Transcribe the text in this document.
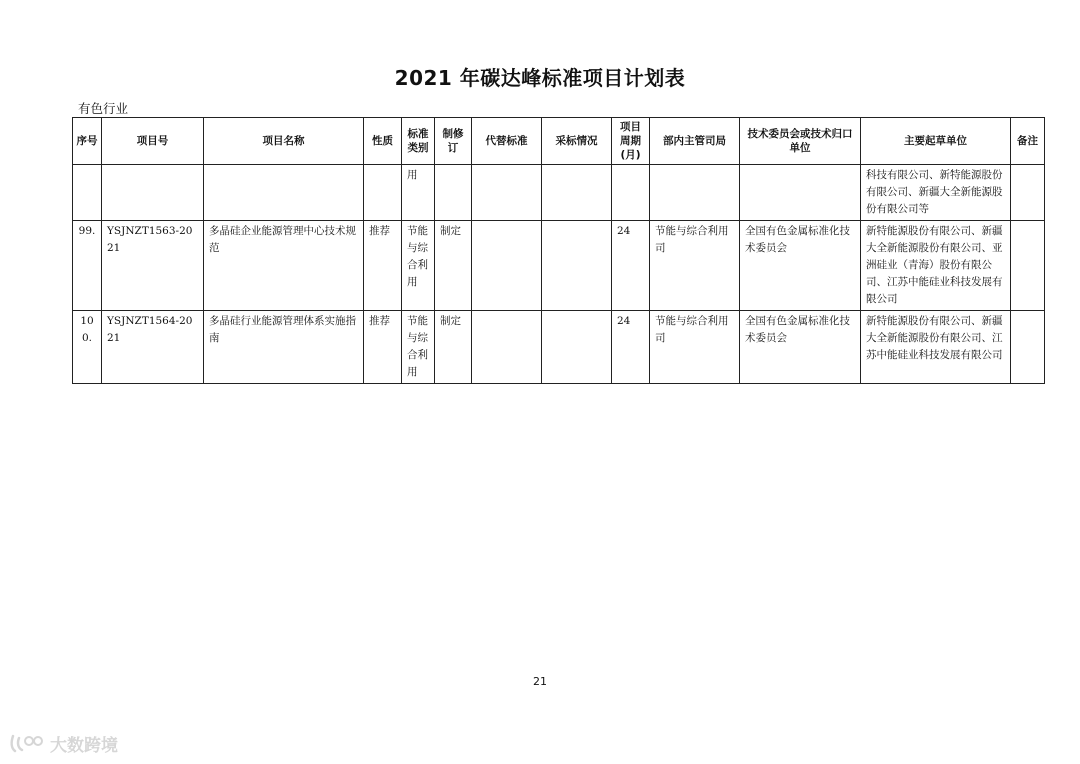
2021 年碳达峰标准项目计划表
有色行业
序号	项目号	项目名称	性质	标准类别	制修订	代替标准	采标情况	项目周期(月)	部内主管司局	技术委员会或技术归口单位	主要起草单位	备注
				用							科技有限公司、新特能源股份有限公司、新疆大全新能源股份有限公司等	
99.	YSJNZT1563-2021	多晶硅企业能源管理中心技术规范	推荐	节能与综合利用	制定			24	节能与综合利用司	全国有色金属标准化技术委员会	新特能源股份有限公司、新疆大全新能源股份有限公司、亚洲硅业（青海）股份有限公司、江苏中能硅业科技发展有限公司	
100.	YSJNZT1564-2021	多晶硅行业能源管理体系实施指南	推荐	节能与综合利用	制定			24	节能与综合利用司	全国有色金属标准化技术委员会	新特能源股份有限公司、新疆大全新能源股份有限公司、江苏中能硅业科技发展有限公司	
21
大数跨境
